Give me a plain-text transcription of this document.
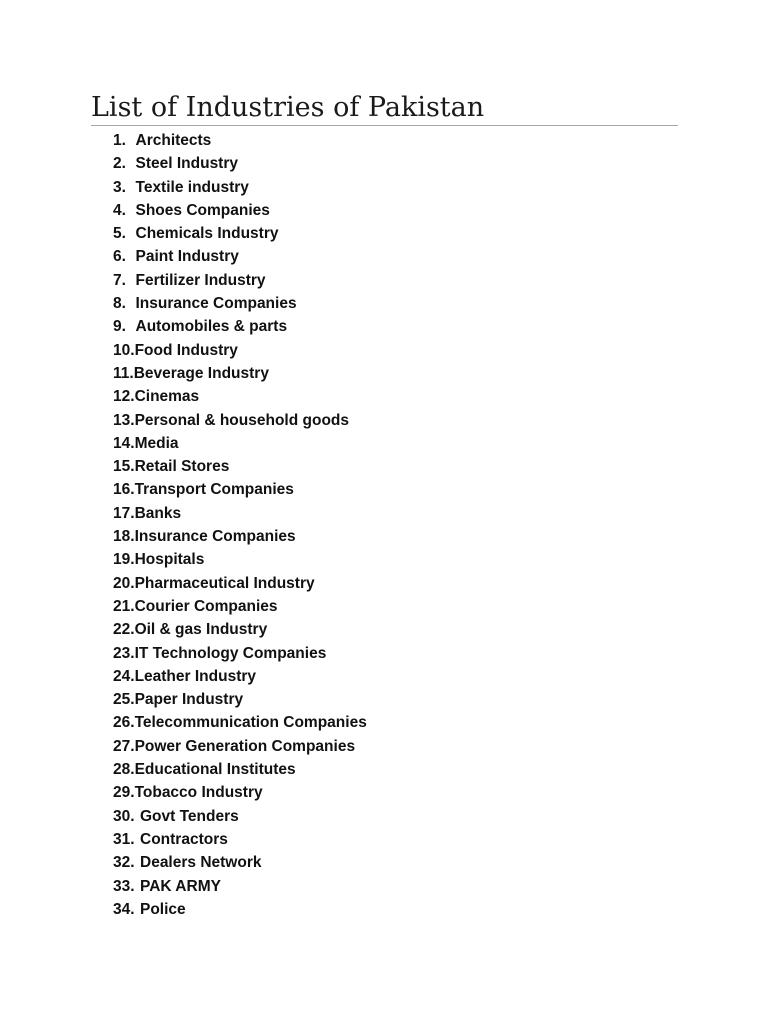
List of Industries of Pakistan
1. Architects
2. Steel Industry
3. Textile industry
4. Shoes Companies
5. Chemicals Industry
6. Paint Industry
7. Fertilizer Industry
8. Insurance Companies
9. Automobiles & parts
10.Food Industry
11.Beverage Industry
12.Cinemas
13.Personal & household goods
14.Media
15.Retail Stores
16.Transport Companies
17.Banks
18.Insurance Companies
19.Hospitals
20.Pharmaceutical Industry
21.Courier Companies
22.Oil & gas Industry
23.IT Technology Companies
24.Leather Industry
25.Paper Industry
26.Telecommunication Companies
27.Power Generation Companies
28.Educational Institutes
29.Tobacco Industry
30. Govt Tenders
31. Contractors
32. Dealers Network
33. PAK ARMY
34. Police
